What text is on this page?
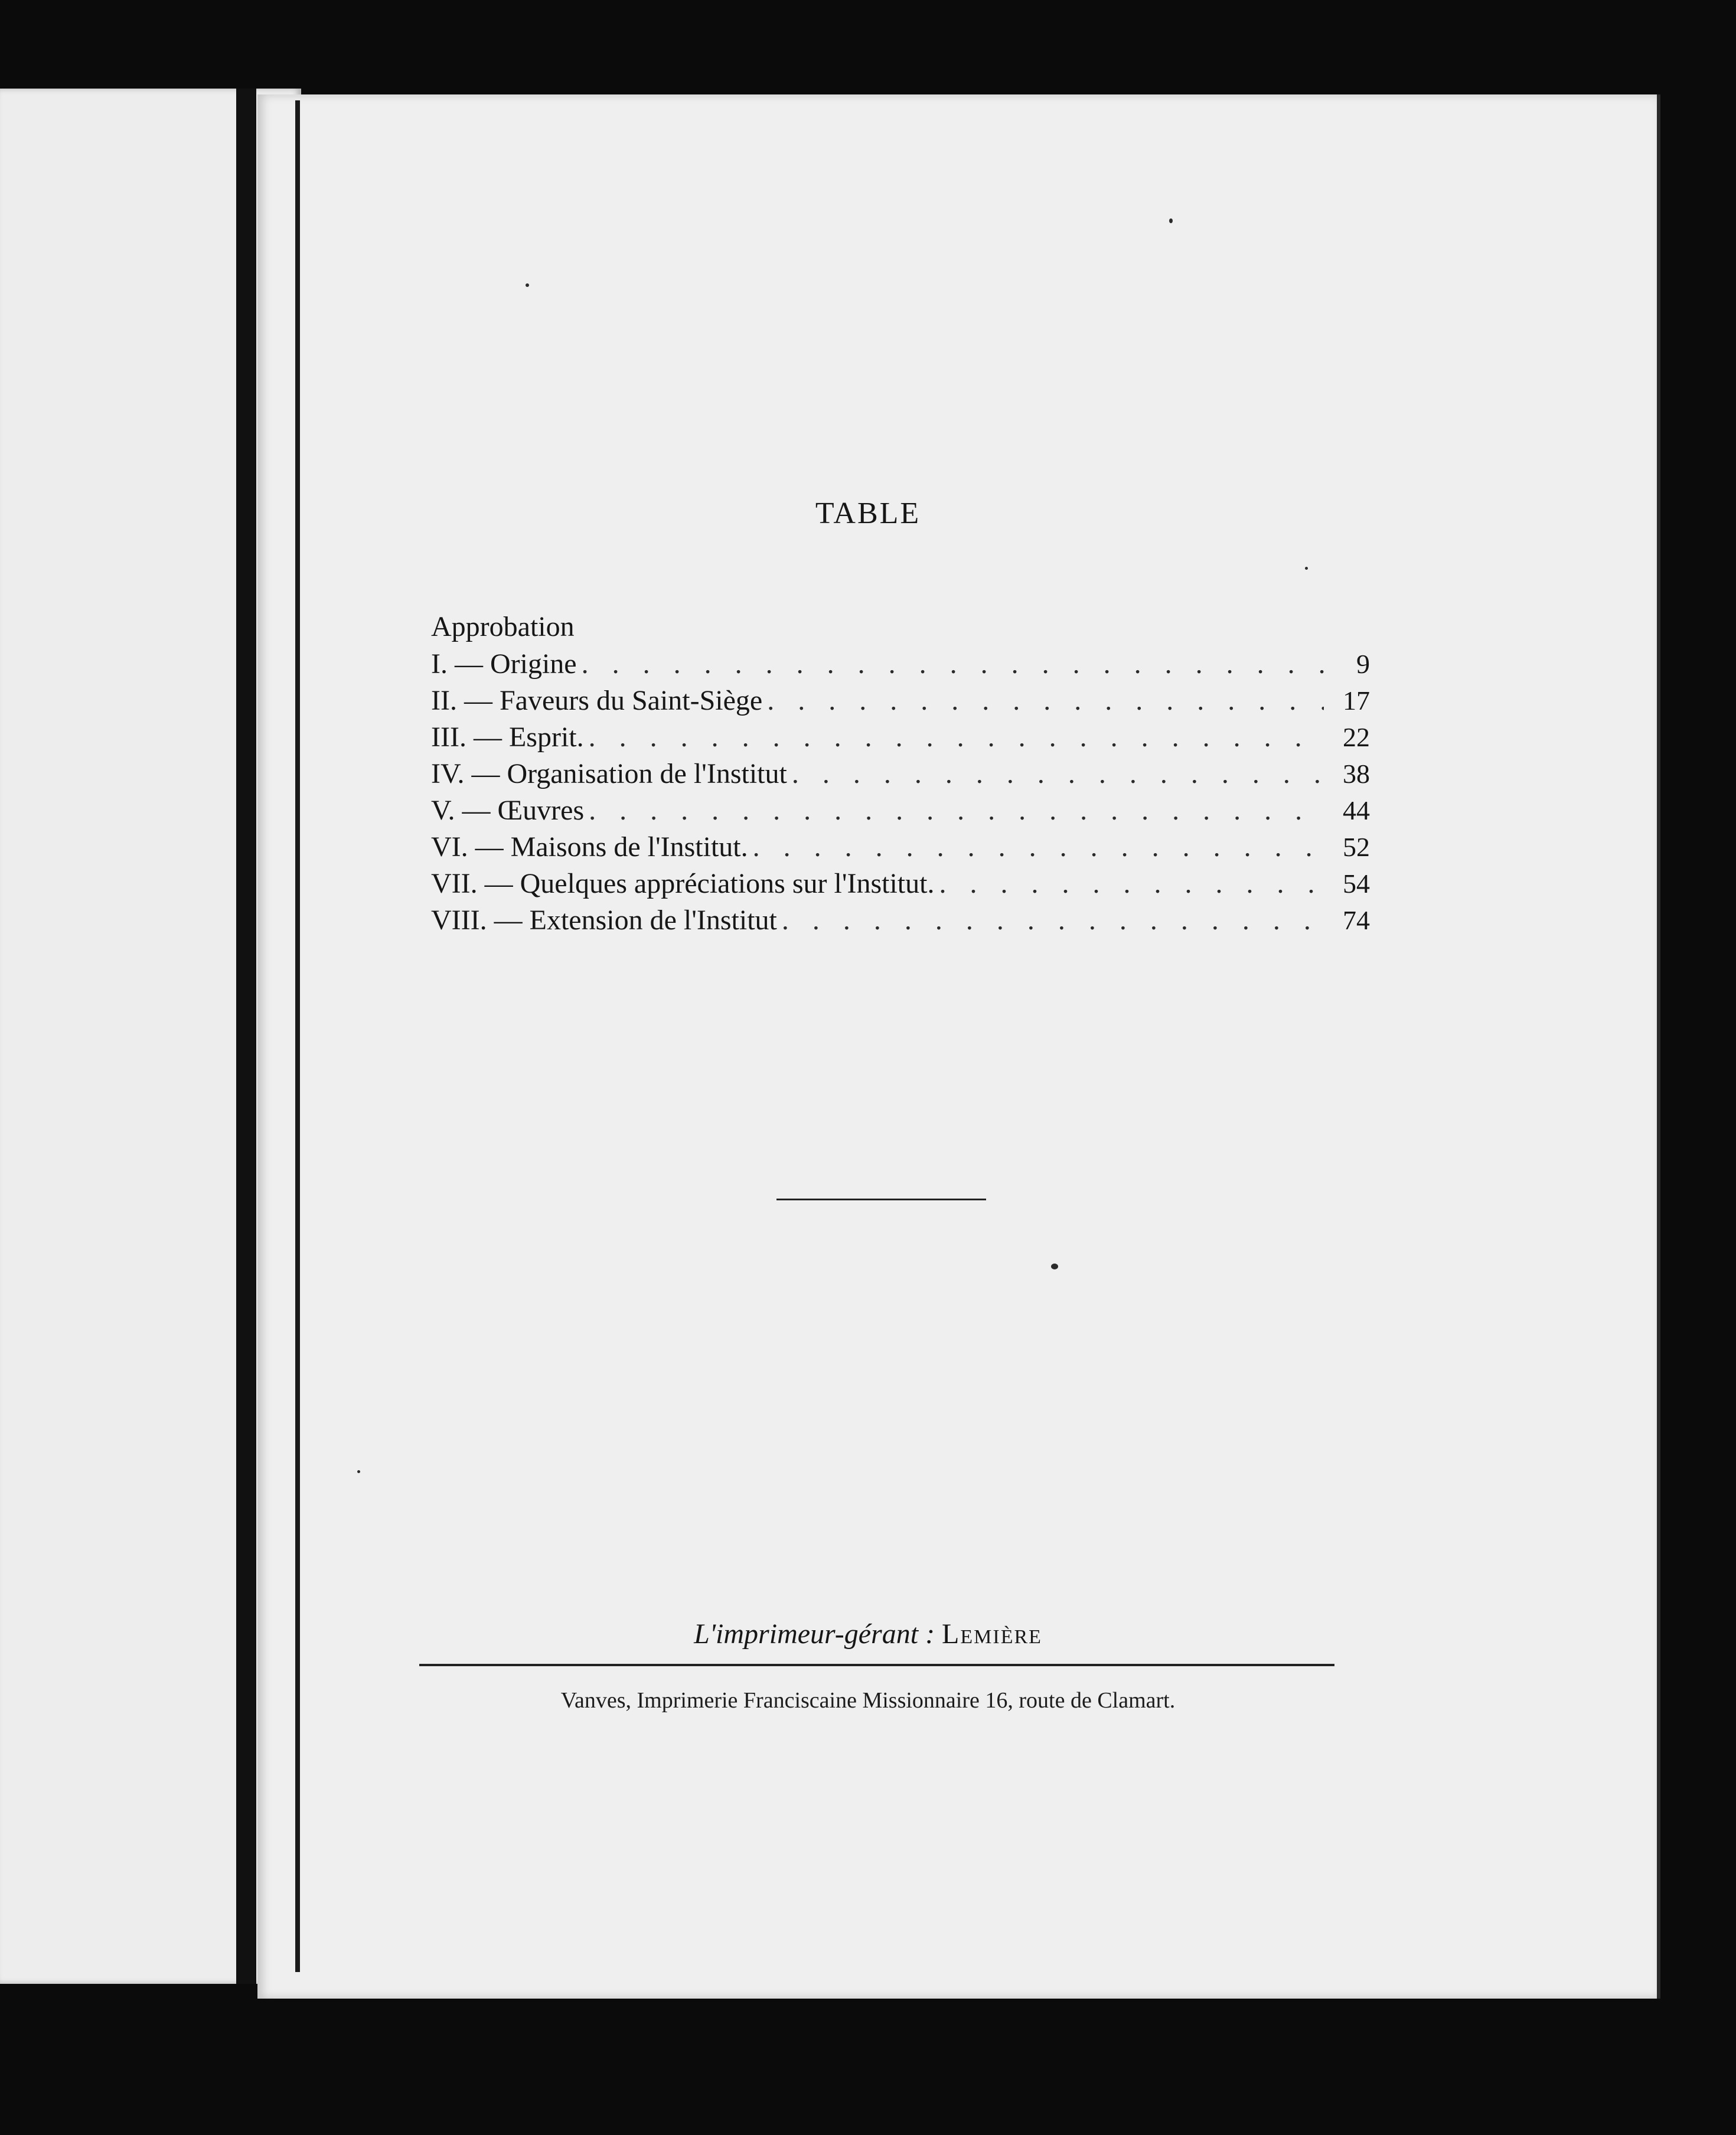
TABLE
Approbation
I. — Origine . . .	9
II. — Faveurs du Saint-Siège . . .	17
III. — Esprit. . . .	22
IV. — Organisation de l'Institut . . .	38
V. — Œuvres . . .	44
VI. — Maisons de l'Institut. . . .	52
VII. — Quelques appréciations sur l'Institut. . . .	54
VIII. — Extension de l'Institut . . .	74
L'imprimeur-gérant : Lemière
Vanves, Imprimerie Franciscaine Missionnaire 16, route de Clamart.
